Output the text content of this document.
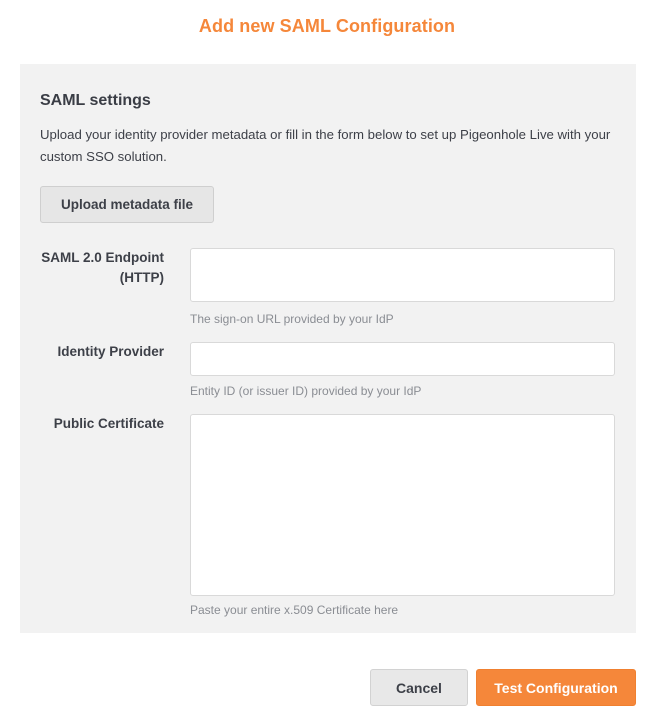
Add new SAML Configuration
SAML settings
Upload your identity provider metadata or fill in the form below to set up Pigeonhole Live with your custom SSO solution.
Upload metadata file
SAML 2.0 Endpoint (HTTP)
The sign-on URL provided by your IdP
Identity Provider
Entity ID (or issuer ID) provided by your IdP
Public Certificate
Paste your entire x.509 Certificate here
Cancel	Test Configuration
